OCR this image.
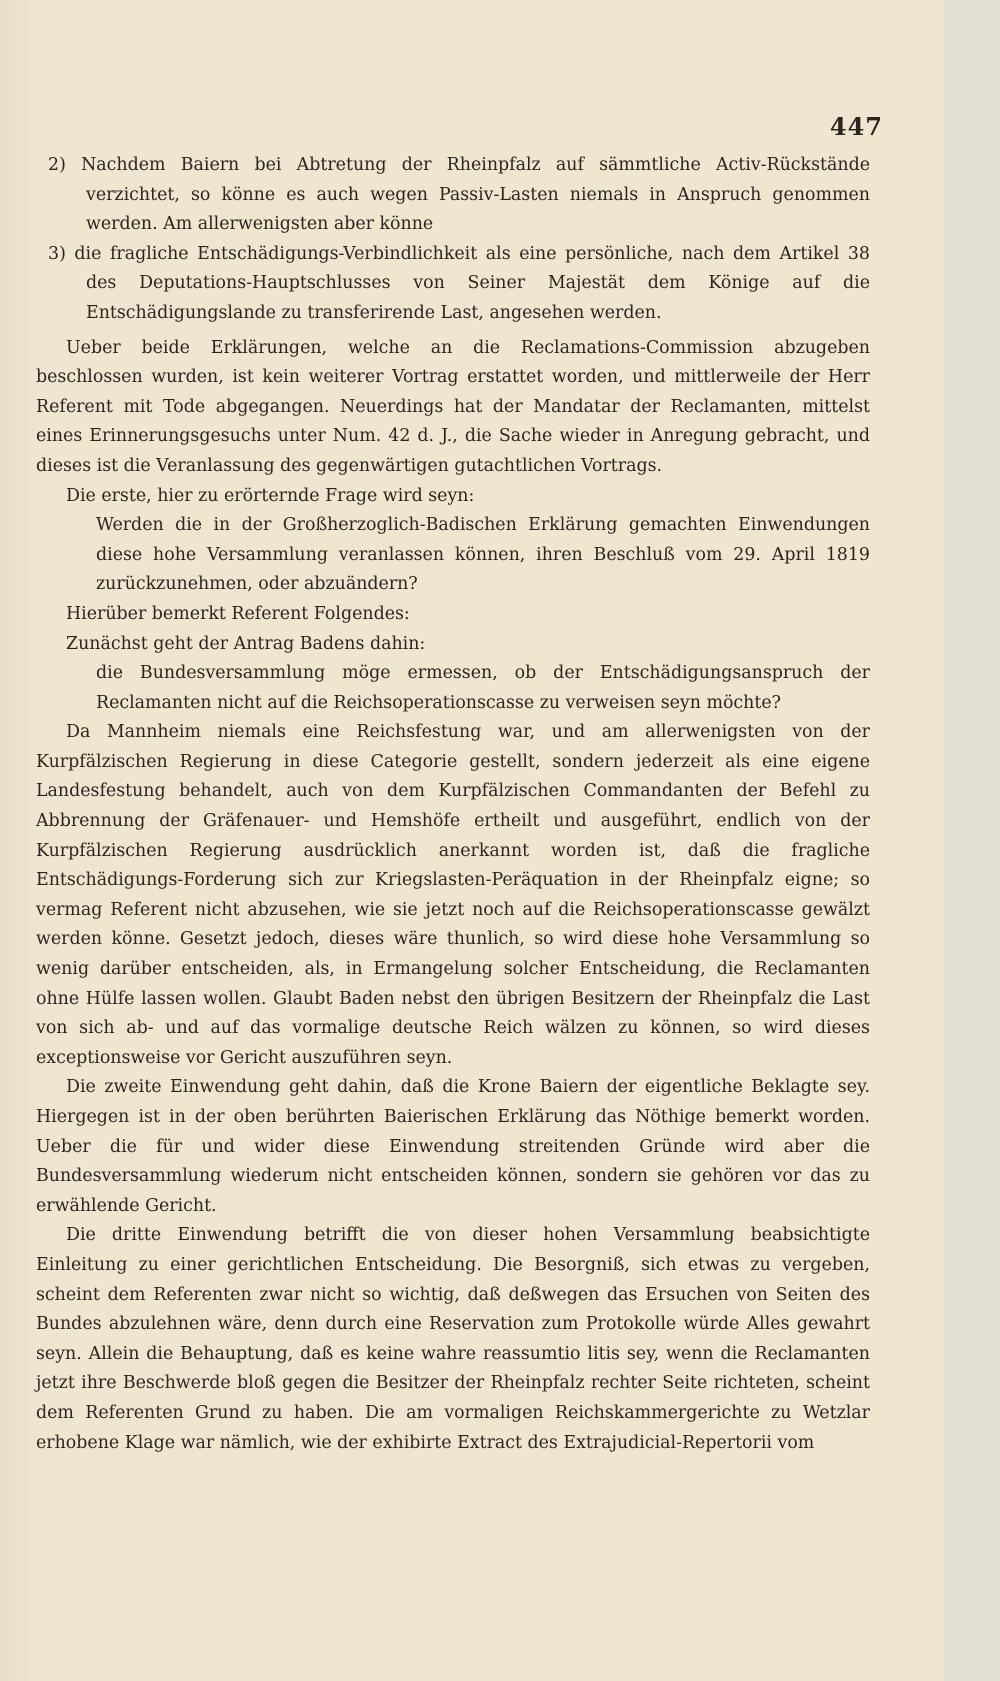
447

2) Nachdem Baiern bei Abtretung der Rheinpfalz auf sämmtliche Activ-Rückstände verzichtet, so könne es auch wegen Passiv-Lasten niemals in Anspruch genommen werden. Am allerwenigsten aber könne

3) die fragliche Entschädigungs-Verbindlichkeit als eine persönliche, nach dem Artikel 38 des Deputations-Hauptschlusses von Seiner Majestät dem Könige auf die Entschädigungslande zu transferirende Last, angesehen werden.

Ueber beide Erklärungen, welche an die Reclamations-Commission abzugeben beschlossen wurden, ist kein weiterer Vortrag erstattet worden, und mittlerweile der Herr Referent mit Tode abgegangen. Neuerdings hat der Mandatar der Reclamanten, mittelst eines Erinnerungsgesuchs unter Num. 42 d. J., die Sache wieder in Anregung gebracht, und dieses ist die Veranlassung des gegenwärtigen gutachtlichen Vortrags.

Die erste, hier zu erörternde Frage wird seyn:

Werden die in der Großherzoglich-Badischen Erklärung gemachten Einwendungen diese hohe Versammlung veranlassen können, ihren Beschluß vom 29. April 1819 zurückzunehmen, oder abzuändern?

Hierüber bemerkt Referent Folgendes:

Zunächst geht der Antrag Badens dahin:

die Bundesversammlung möge ermessen, ob der Entschädigungsanspruch der Reclamanten nicht auf die Reichsoperationscasse zu verweisen seyn möchte?

Da Mannheim niemals eine Reichsfestung war, und am allerwenigsten von der Kurpfälzischen Regierung in diese Categorie gestellt, sondern jederzeit als eine eigene Landesfestung behandelt, auch von dem Kurpfälzischen Commandanten der Befehl zu Abbrennung der Gräfenauer- und Hemshöfe ertheilt und ausgeführt, endlich von der Kurpfälzischen Regierung ausdrücklich anerkannt worden ist, daß die fragliche Entschädigungs-Forderung sich zur Kriegslasten-Peräquation in der Rheinpfalz eigne; so vermag Referent nicht abzusehen, wie sie jetzt noch auf die Reichsoperationscasse gewälzt werden könne. Gesetzt jedoch, dieses wäre thunlich, so wird diese hohe Versammlung so wenig darüber entscheiden, als, in Ermangelung solcher Entscheidung, die Reclamanten ohne Hülfe lassen wollen. Glaubt Baden nebst den übrigen Besitzern der Rheinpfalz die Last von sich ab- und auf das vormalige deutsche Reich wälzen zu können, so wird dieses exceptionsweise vor Gericht auszuführen seyn.

Die zweite Einwendung geht dahin, daß die Krone Baiern der eigentliche Beklagte sey. Hiergegen ist in der oben berührten Baierischen Erklärung das Nöthige bemerkt worden. Ueber die für und wider diese Einwendung streitenden Gründe wird aber die Bundesversammlung wiederum nicht entscheiden können, sondern sie gehören vor das zu erwählende Gericht.

Die dritte Einwendung betrifft die von dieser hohen Versammlung beabsichtigte Einleitung zu einer gerichtlichen Entscheidung. Die Besorgniß, sich etwas zu vergeben, scheint dem Referenten zwar nicht so wichtig, daß deßwegen das Ersuchen von Seiten des Bundes abzulehnen wäre, denn durch eine Reservation zum Protokolle würde Alles gewahrt seyn. Allein die Behauptung, daß es keine wahre reassumtio litis sey, wenn die Reclamanten jetzt ihre Beschwerde bloß gegen die Besitzer der Rheinpfalz rechter Seite richteten, scheint dem Referenten Grund zu haben. Die am vormaligen Reichskammergerichte zu Wetzlar erhobene Klage war nämlich, wie der exhibirte Extract des Extrajudicial-Repertorii vom
